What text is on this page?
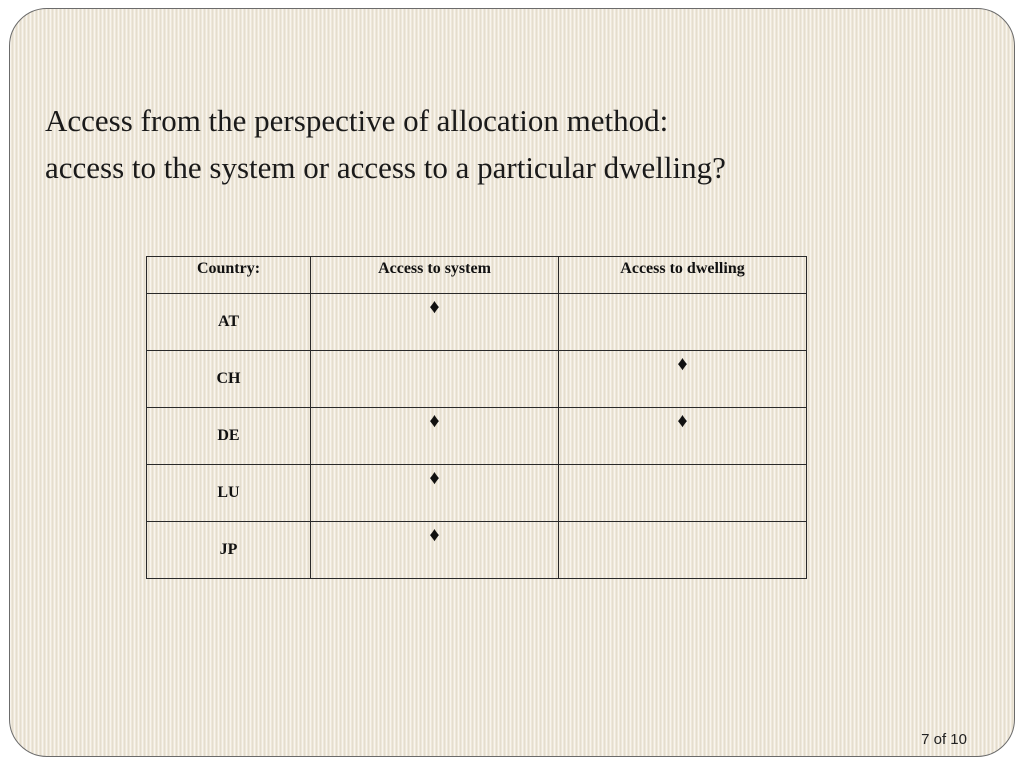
Access from the perspective of allocation method:
access to the system or access to a particular dwelling?
Country:	Access to system	Access to dwelling
AT	♦	
CH		♦
DE	♦	♦
LU	♦	
JP	♦	
7 of 10
